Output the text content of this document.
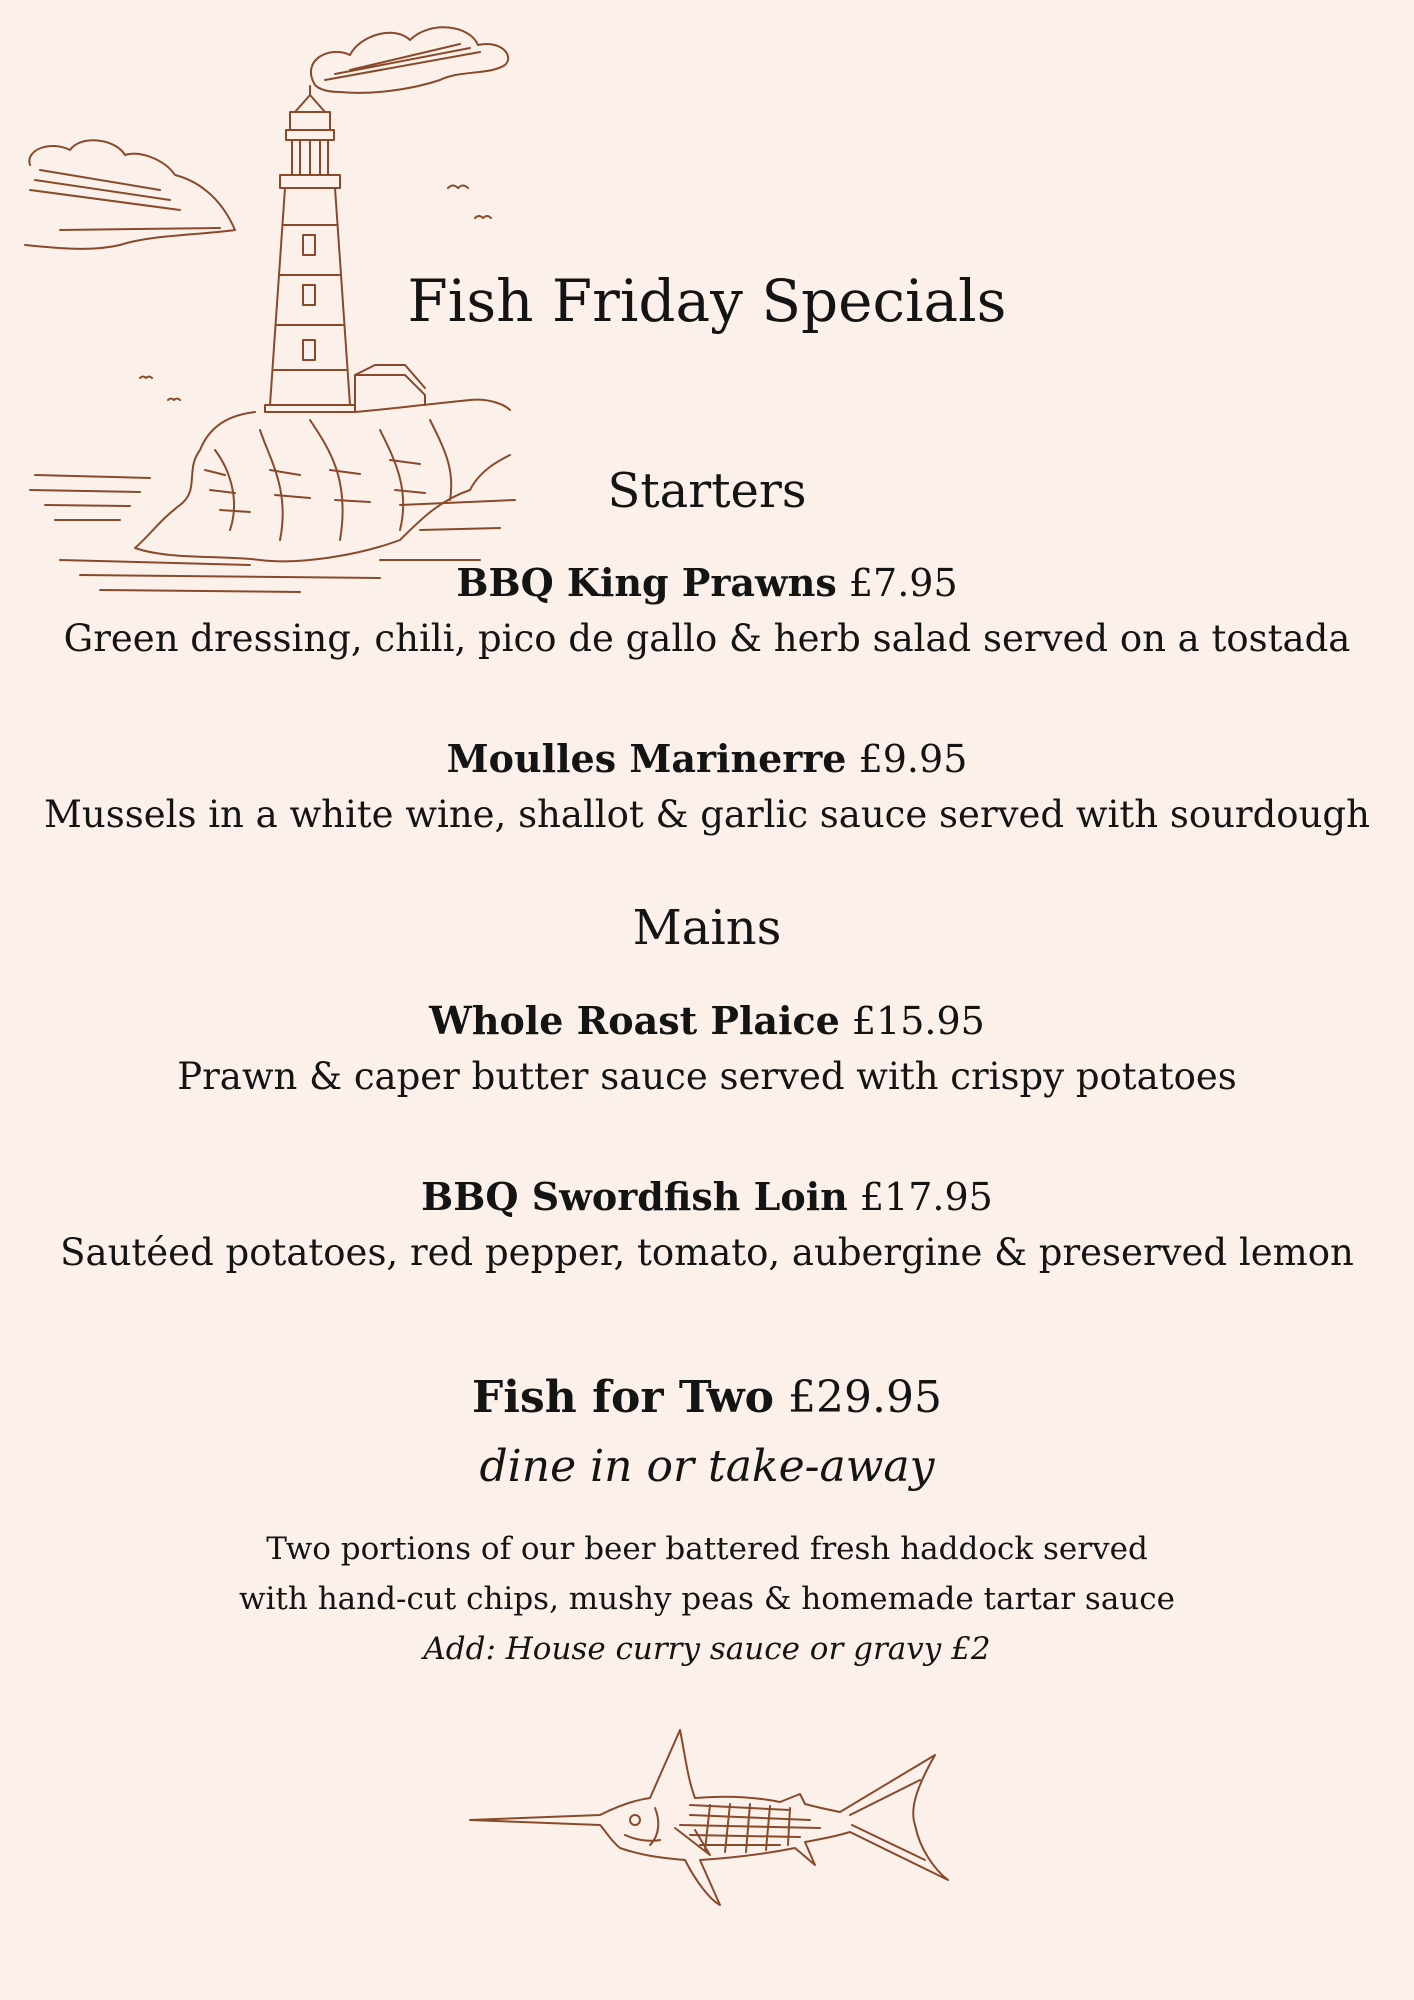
Fish Friday Specials
Starters
BBQ King Prawns £7.95
Green dressing, chili, pico de gallo & herb salad served on a tostada
Moulles Marinerre £9.95
Mussels in a white wine, shallot & garlic sauce served with sourdough
Mains
Whole Roast Plaice £15.95
Prawn & caper butter sauce served with crispy potatoes
BBQ Swordfish Loin £17.95
Sautéed potatoes, red pepper, tomato, aubergine & preserved lemon
Fish for Two £29.95
dine in or take-away
Two portions of our beer battered fresh haddock served
with hand-cut chips, mushy peas & homemade tartar sauce
Add: House curry sauce or gravy £2
